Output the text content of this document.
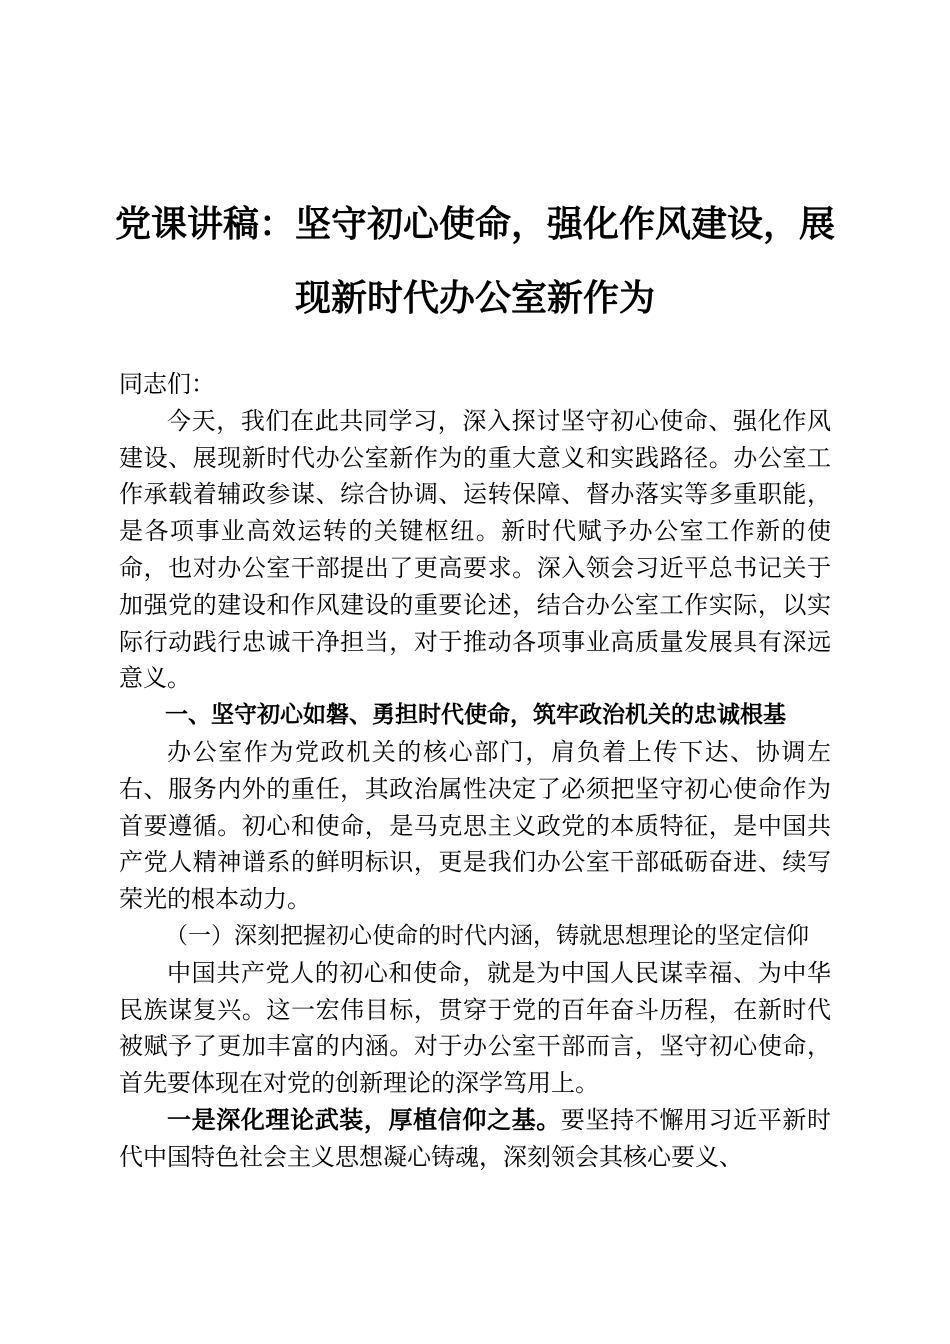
党课讲稿：坚守初心使命，强化作风建设，展现新时代办公室新作为

同志们：

今天，我们在此共同学习，深入探讨坚守初心使命、强化作风建设、展现新时代办公室新作为的重大意义和实践路径。办公室工作承载着辅政参谋、综合协调、运转保障、督办落实等多重职能，是各项事业高效运转的关键枢纽。新时代赋予办公室工作新的使命，也对办公室干部提出了更高要求。深入领会习近平总书记关于加强党的建设和作风建设的重要论述，结合办公室工作实际，以实际行动践行忠诚干净担当，对于推动各项事业高质量发展具有深远意义。

一、坚守初心如磐、勇担时代使命，筑牢政治机关的忠诚根基

办公室作为党政机关的核心部门，肩负着上传下达、协调左右、服务内外的重任，其政治属性决定了必须把坚守初心使命作为首要遵循。初心和使命，是马克思主义政党的本质特征，是中国共产党人精神谱系的鲜明标识，更是我们办公室干部砥砺奋进、续写荣光的根本动力。

（一）深刻把握初心使命的时代内涵，铸就思想理论的坚定信仰

中国共产党人的初心和使命，就是为中国人民谋幸福、为中华民族谋复兴。这一宏伟目标，贯穿于党的百年奋斗历程，在新时代被赋予了更加丰富的内涵。对于办公室干部而言，坚守初心使命，首先要体现在对党的创新理论的深学笃用上。

一是深化理论武装，厚植信仰之基。要坚持不懈用习近平新时代中国特色社会主义思想凝心铸魂，深刻领会其核心要义、
